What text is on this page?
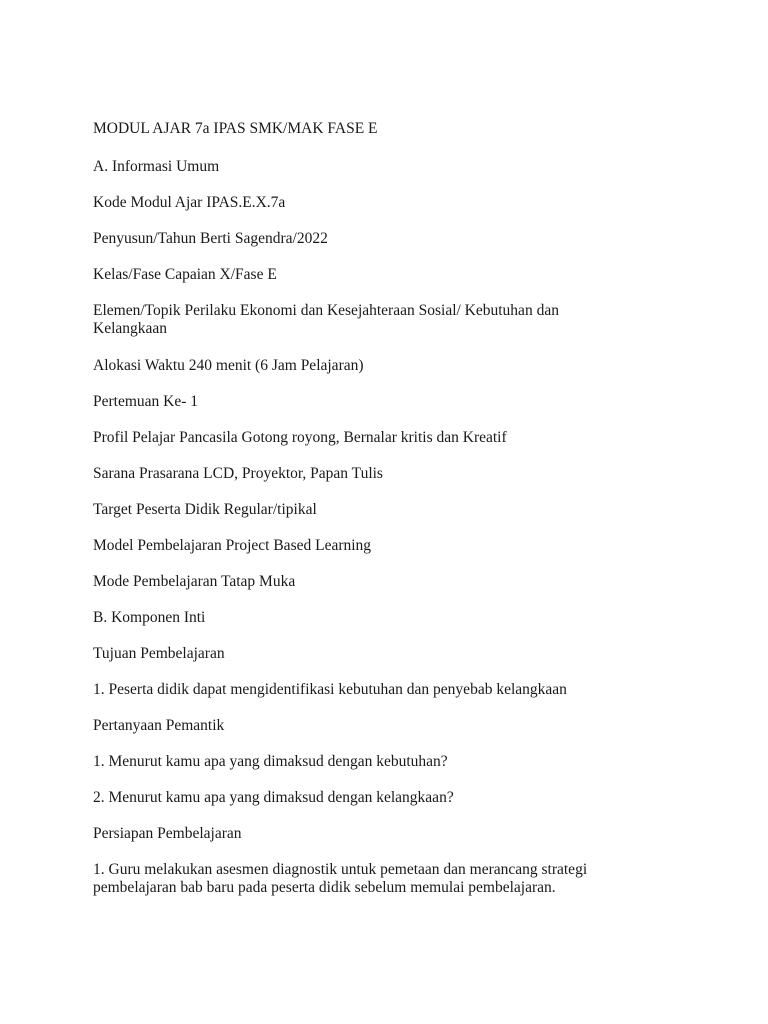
MODUL AJAR 7a IPAS SMK/MAK FASE E

A. Informasi Umum

Kode Modul Ajar IPAS.E.X.7a

Penyusun/Tahun Berti Sagendra/2022

Kelas/Fase Capaian X/Fase E

Elemen/Topik Perilaku Ekonomi dan Kesejahteraan Sosial/ Kebutuhan dan

Kelangkaan

Alokasi Waktu 240 menit (6 Jam Pelajaran)

Pertemuan Ke- 1

Profil Pelajar Pancasila Gotong royong, Bernalar kritis dan Kreatif

Sarana Prasarana LCD, Proyektor, Papan Tulis

Target Peserta Didik Regular/tipikal

Model Pembelajaran Project Based Learning

Mode Pembelajaran Tatap Muka

B. Komponen Inti

Tujuan Pembelajaran

1. Peserta didik dapat mengidentifikasi kebutuhan dan penyebab kelangkaan

Pertanyaan Pemantik

1. Menurut kamu apa yang dimaksud dengan kebutuhan?

2. Menurut kamu apa yang dimaksud dengan kelangkaan?

Persiapan Pembelajaran

1. Guru melakukan asesmen diagnostik untuk pemetaan dan merancang strategi

pembelajaran bab baru pada peserta didik sebelum memulai pembelajaran.
